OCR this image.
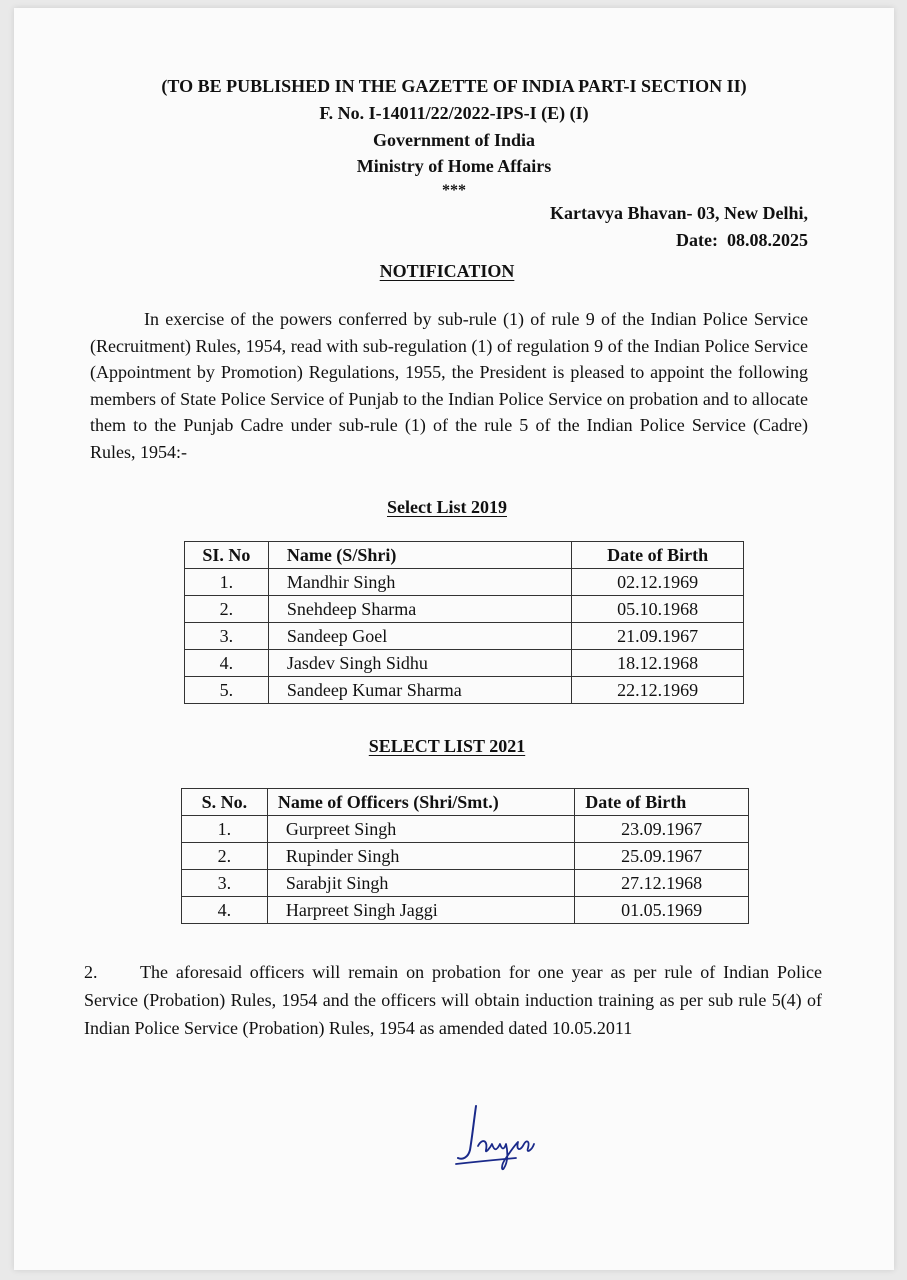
(TO BE PUBLISHED IN THE GAZETTE OF INDIA PART-I SECTION II)
F. No. I-14011/22/2022-IPS-I (E) (I)
Government of India
Ministry of Home Affairs
***
Kartavya Bhavan- 03, New Delhi,
Date:  08.08.2025
NOTIFICATION
In exercise of the powers conferred by sub-rule (1) of rule 9 of the Indian Police Service (Recruitment) Rules, 1954, read with sub-regulation (1) of regulation 9 of the Indian Police Service (Appointment by Promotion) Regulations, 1955, the President is pleased to appoint the following members of State Police Service of Punjab to the Indian Police Service on probation and to allocate them to the Punjab Cadre under sub-rule (1) of the rule 5 of the Indian Police Service (Cadre) Rules, 1954:-
Select List 2019
SI. No	Name (S/Shri)	Date of Birth
1.	Mandhir Singh	02.12.1969
2.	Snehdeep Sharma	05.10.1968
3.	Sandeep Goel	21.09.1967
4.	Jasdev Singh Sidhu	18.12.1968
5.	Sandeep Kumar Sharma	22.12.1969
SELECT LIST 2021
S. No.	Name of Officers (Shri/Smt.)	Date of Birth
1.	Gurpreet Singh	23.09.1967
2.	Rupinder Singh	25.09.1967
3.	Sarabjit Singh	27.12.1968
4.	Harpreet Singh Jaggi	01.05.1969
2. The aforesaid officers will remain on probation for one year as per rule of Indian Police Service (Probation) Rules, 1954 and the officers will obtain induction training as per sub rule 5(4) of Indian Police Service (Probation) Rules, 1954 as amended dated 10.05.2011
